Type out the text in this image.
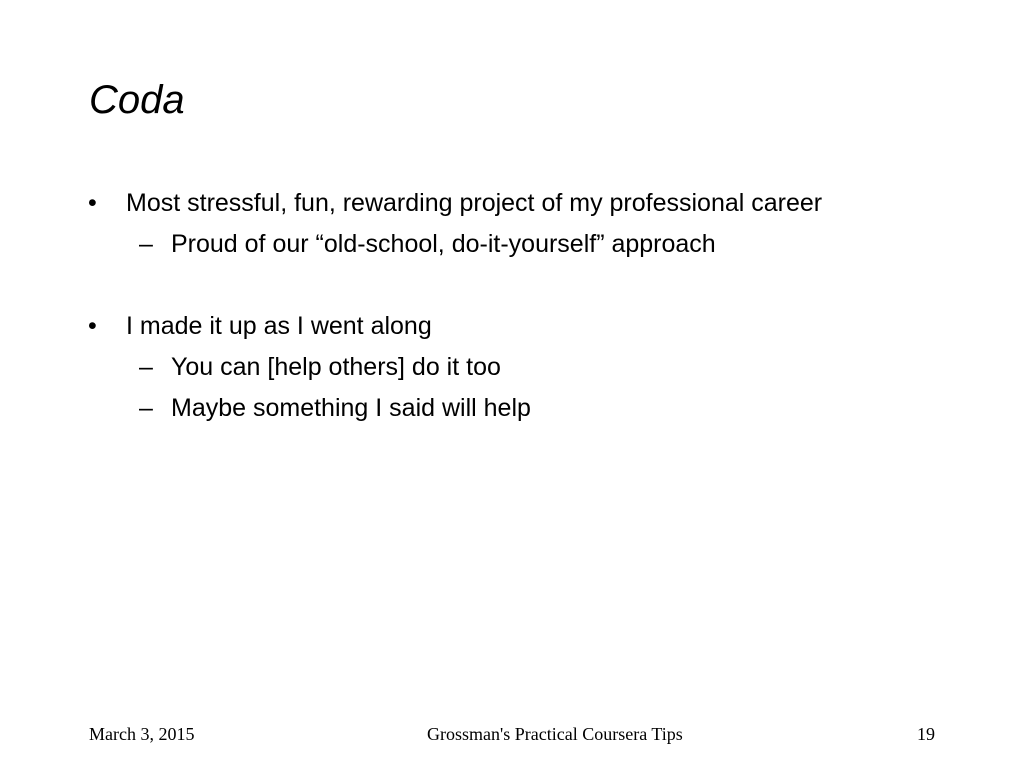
Coda
• Most stressful, fun, rewarding project of my professional career
– Proud of our “old-school, do-it-yourself” approach
• I made it up as I went along
– You can [help others] do it too
– Maybe something I said will help
March 3, 2015	Grossman's Practical Coursera Tips	19
